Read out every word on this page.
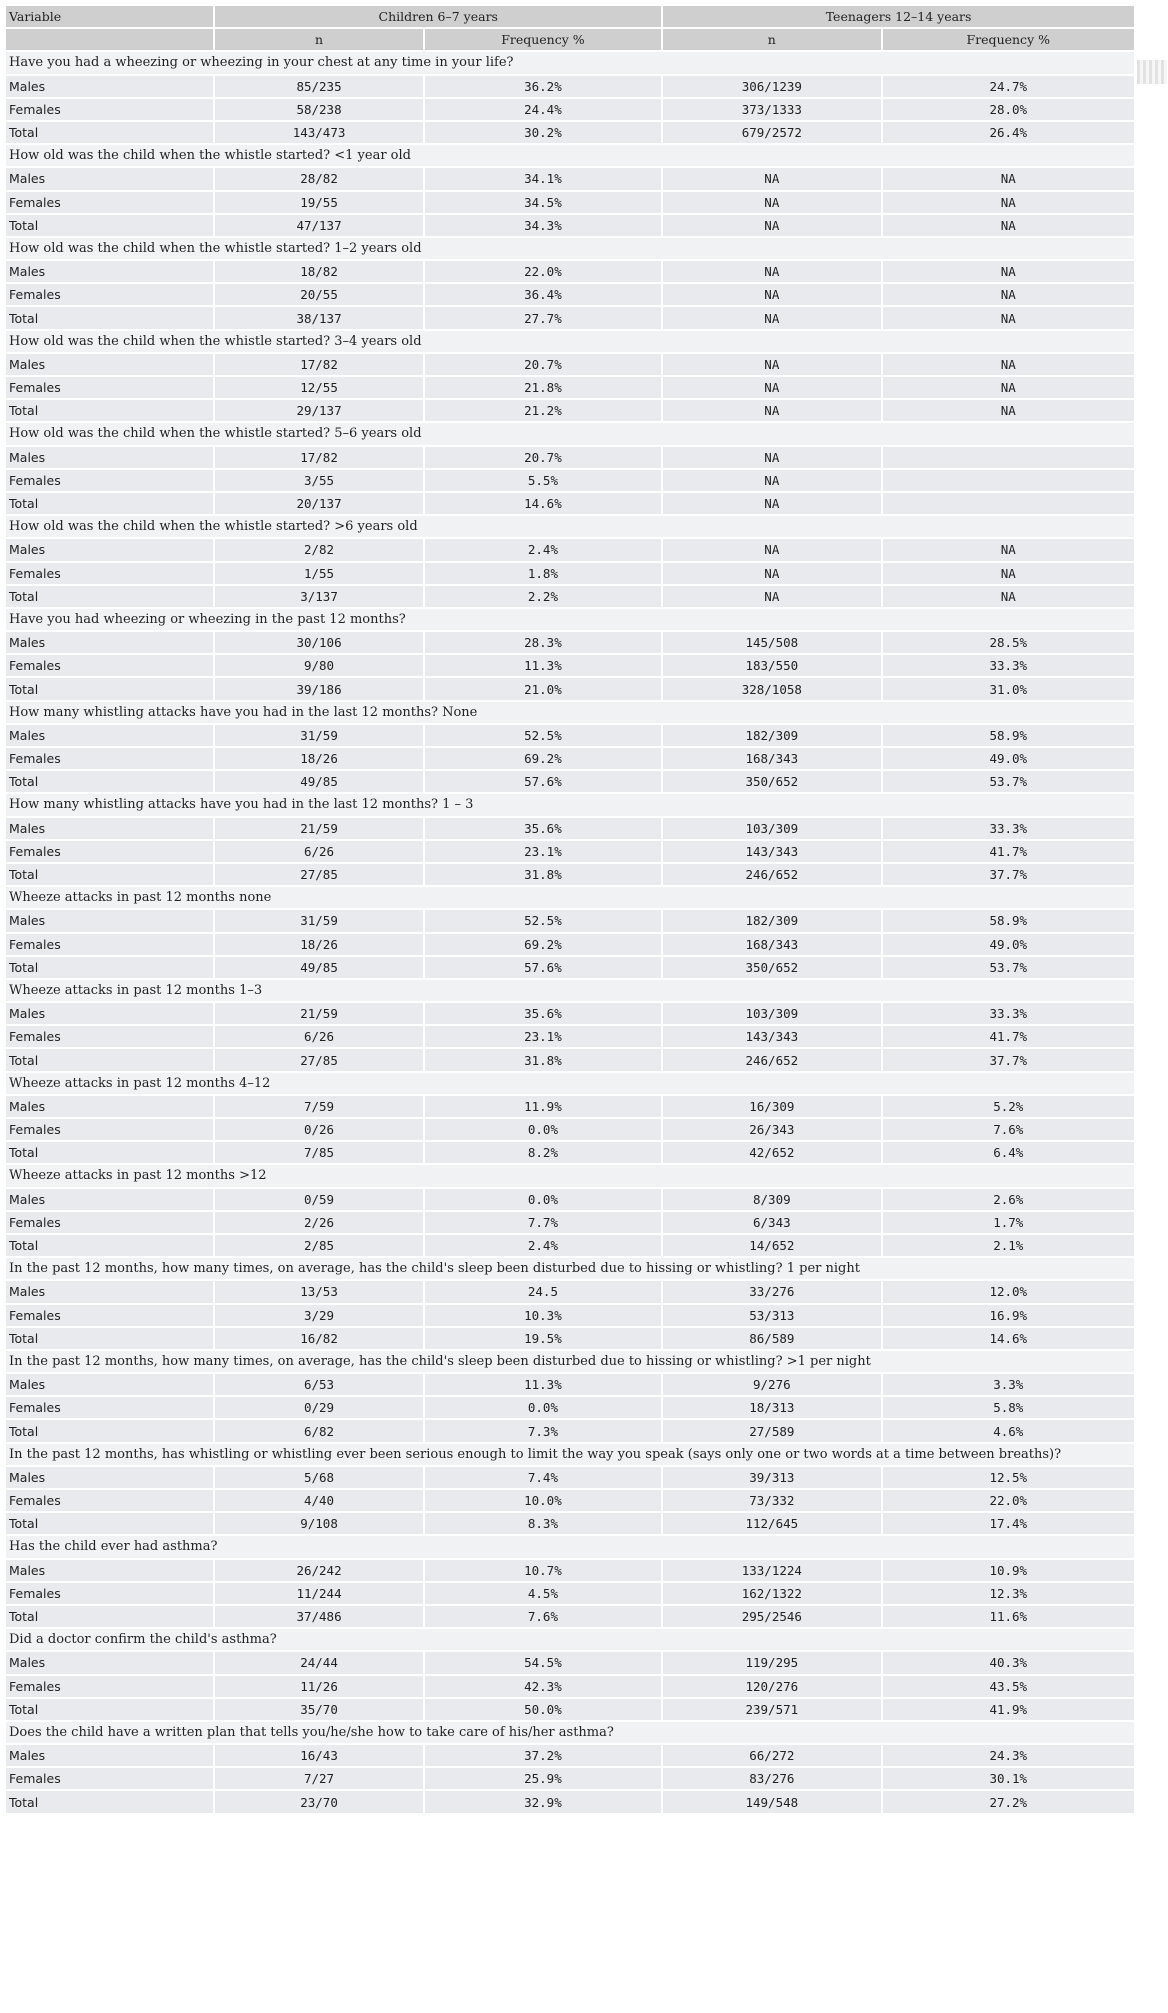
Variable	Children 6–7 years		Teenagers 12–14 years	
	n	Frequency %	n	Frequency %
Have you had a wheezing or wheezing in your chest at any time in your life?				
Males	85/235	36.2%	306/1239	24.7%
Females	58/238	24.4%	373/1333	28.0%
Total	143/473	30.2%	679/2572	26.4%
How old was the child when the whistle started? <1 year old				
Males	28/82	34.1%	NA	NA
Females	19/55	34.5%	NA	NA
Total	47/137	34.3%	NA	NA
How old was the child when the whistle started? 1–2 years old				
Males	18/82	22.0%	NA	NA
Females	20/55	36.4%	NA	NA
Total	38/137	27.7%	NA	NA
How old was the child when the whistle started? 3–4 years old				
Males	17/82	20.7%	NA	NA
Females	12/55	21.8%	NA	NA
Total	29/137	21.2%	NA	NA
How old was the child when the whistle started? 5–6 years old				
Males	17/82	20.7%	NA	
Females	3/55	5.5%	NA	
Total	20/137	14.6%	NA	
How old was the child when the whistle started? >6 years old				
Males	2/82	2.4%	NA	NA
Females	1/55	1.8%	NA	NA
Total	3/137	2.2%	NA	NA
Have you had wheezing or wheezing in the past 12 months?				
Males	30/106	28.3%	145/508	28.5%
Females	9/80	11.3%	183/550	33.3%
Total	39/186	21.0%	328/1058	31.0%
How many whistling attacks have you had in the last 12 months? None				
Males	31/59	52.5%	182/309	58.9%
Females	18/26	69.2%	168/343	49.0%
Total	49/85	57.6%	350/652	53.7%
How many whistling attacks have you had in the last 12 months? 1 – 3				
Males	21/59	35.6%	103/309	33.3%
Females	6/26	23.1%	143/343	41.7%
Total	27/85	31.8%	246/652	37.7%
Wheeze attacks in past 12 months none				
Males	31/59	52.5%	182/309	58.9%
Females	18/26	69.2%	168/343	49.0%
Total	49/85	57.6%	350/652	53.7%
Wheeze attacks in past 12 months 1–3				
Males	21/59	35.6%	103/309	33.3%
Females	6/26	23.1%	143/343	41.7%
Total	27/85	31.8%	246/652	37.7%
Wheeze attacks in past 12 months 4–12				
Males	7/59	11.9%	16/309	5.2%
Females	0/26	0.0%	26/343	7.6%
Total	7/85	8.2%	42/652	6.4%
Wheeze attacks in past 12 months >12				
Males	0/59	0.0%	8/309	2.6%
Females	2/26	7.7%	6/343	1.7%
Total	2/85	2.4%	14/652	2.1%
In the past 12 months, how many times, on average, has the child's sleep been disturbed due to hissing or whistling? 1 per night				
Males	13/53	24.5	33/276	12.0%
Females	3/29	10.3%	53/313	16.9%
Total	16/82	19.5%	86/589	14.6%
In the past 12 months, how many times, on average, has the child's sleep been disturbed due to hissing or whistling? >1 per night				
Males	6/53	11.3%	9/276	3.3%
Females	0/29	0.0%	18/313	5.8%
Total	6/82	7.3%	27/589	4.6%
In the past 12 months, has whistling or whistling ever been serious enough to limit the way you speak (says only one or two words at a time between breaths)?				
Males	5/68	7.4%	39/313	12.5%
Females	4/40	10.0%	73/332	22.0%
Total	9/108	8.3%	112/645	17.4%
Has the child ever had asthma?				
Males	26/242	10.7%	133/1224	10.9%
Females	11/244	4.5%	162/1322	12.3%
Total	37/486	7.6%	295/2546	11.6%
Did a doctor confirm the child's asthma?				
Males	24/44	54.5%	119/295	40.3%
Females	11/26	42.3%	120/276	43.5%
Total	35/70	50.0%	239/571	41.9%
Does the child have a written plan that tells you/he/she how to take care of his/her asthma?				
Males	16/43	37.2%	66/272	24.3%
Females	7/27	25.9%	83/276	30.1%
Total	23/70	32.9%	149/548	27.2%
